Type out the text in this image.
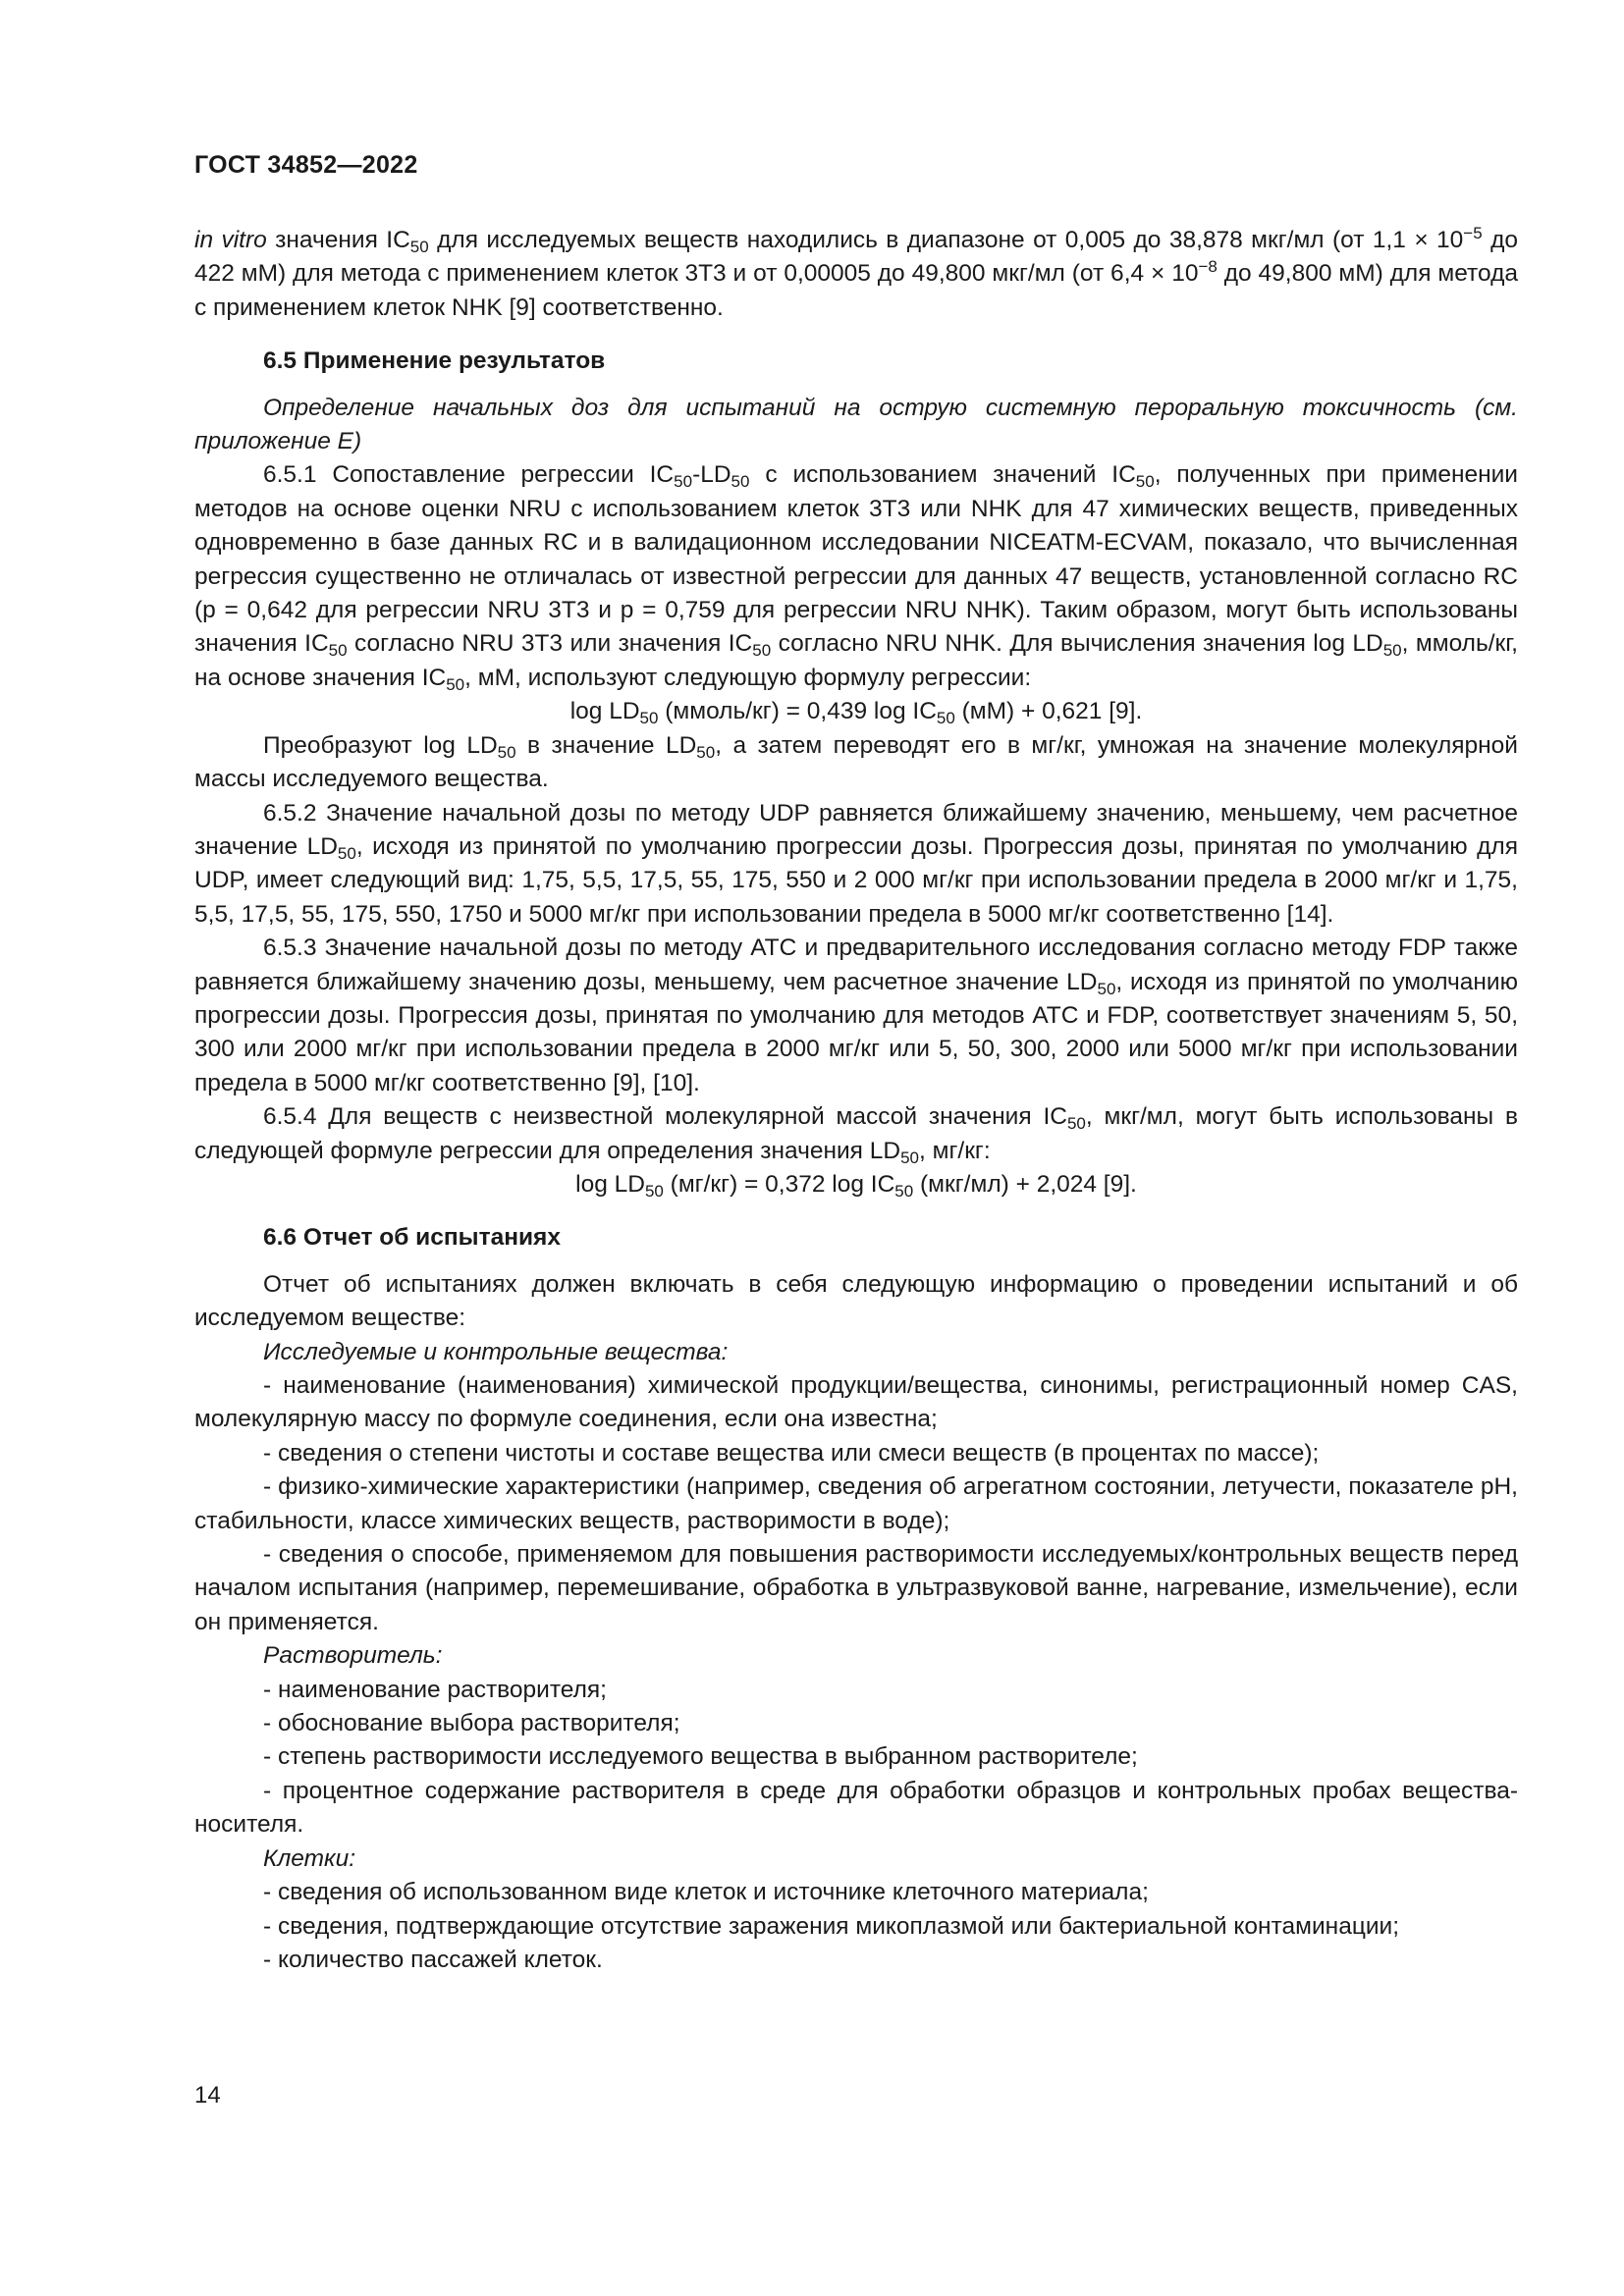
ГОСТ 34852—2022

in vitro значения $IC_{50}$ для исследуемых веществ находились в диапазоне от 0,005 до 38,878 мкг/мл (от $1,1 \times 10^{-5}$ до 422 мМ) для метода с применением клеток 3Т3 и от 0,00005 до 49,800 мкг/мл (от $6,4 \times 10^{-8}$ до 49,800 мМ) для метода с применением клеток NHK [9] соответственно.

6.5 Применение результатов

Определение начальных доз для испытаний на острую системную пероральную токсичность (см. приложение Е)

6.5.1 Сопоставление регрессии $IC_{50}-LD_{50}$ с использованием значений $IC_{50}$, полученных при применении методов на основе оценки NRU с использованием клеток 3Т3 или NHK для 47 химических веществ, приведенных одновременно в базе данных RC и в валидационном исследовании NICEATM-ECVAM, показало, что вычисленная регрессия существенно не отличалась от известной регрессии для данных 47 веществ, установленной согласно RC (р = 0,642 для регрессии NRU 3Т3 и р = 0,759 для регрессии NRU NHK). Таким образом, могут быть использованы значения $IC_{50}$ согласно NRU 3T3 или значения $IC_{50}$ согласно NRU NHK. Для вычисления значения $\log LD_{50}$, ммоль/кг, на основе значения $IC_{50}$, мМ, используют следующую формулу регрессии:

$\log LD_{50}$ (ммоль/кг) = 0,439 $\log IC_{50}$ (мМ) + 0,621 [9].

Преобразуют $\log LD_{50}$ в значение $LD_{50}$, а затем переводят его в мг/кг, умножая на значение молекулярной массы исследуемого вещества.

6.5.2 Значение начальной дозы по методу UDP равняется ближайшему значению, меньшему, чем расчетное значение $LD_{50}$, исходя из принятой по умолчанию прогрессии дозы. Прогрессия дозы, принятая по умолчанию для UDP, имеет следующий вид: 1,75, 5,5, 17,5, 55, 175, 550 и 2 000 мг/кг при использовании предела в 2000 мг/кг и 1,75, 5,5, 17,5, 55, 175, 550, 1750 и 5000 мг/кг при использовании предела в 5000 мг/кг соответственно [14].

6.5.3 Значение начальной дозы по методу АТС и предварительного исследования согласно методу FDP также равняется ближайшему значению дозы, меньшему, чем расчетное значение $LD_{50}$, исходя из принятой по умолчанию прогрессии дозы. Прогрессия дозы, принятая по умолчанию для методов АТС и FDP, соответствует значениям 5, 50, 300 или 2000 мг/кг при использовании предела в 2000 мг/кг или 5, 50, 300, 2000 или 5000 мг/кг при использовании предела в 5000 мг/кг соответственно [9], [10].

6.5.4 Для веществ с неизвестной молекулярной массой значения $IC_{50}$, мкг/мл, могут быть использованы в следующей формуле регрессии для определения значения $LD_{50}$, мг/кг:

$\log LD_{50}$ (мг/кг) = 0,372 $\log IC_{50}$ (мкг/мл) + 2,024 [9].

6.6 Отчет об испытаниях

Отчет об испытаниях должен включать в себя следующую информацию о проведении испытаний и об исследуемом веществе:

Исследуемые и контрольные вещества:

- наименование (наименования) химической продукции/вещества, синонимы, регистрационный номер CAS, молекулярную массу по формуле соединения, если она известна;

- сведения о степени чистоты и составе вещества или смеси веществ (в процентах по массе);

- физико-химические характеристики (например, сведения об агрегатном состоянии, летучести, показателе рН, стабильности, классе химических веществ, растворимости в воде);

- сведения о способе, применяемом для повышения растворимости исследуемых/контрольных веществ перед началом испытания (например, перемешивание, обработка в ультразвуковой ванне, нагревание, измельчение), если он применяется.

Растворитель:

- наименование растворителя;

- обоснование выбора растворителя;

- степень растворимости исследуемого вещества в выбранном растворителе;

- процентное содержание растворителя в среде для обработки образцов и контрольных пробах вещества-носителя.

Клетки:

- сведения об использованном виде клеток и источнике клеточного материала;

- сведения, подтверждающие отсутствие заражения микоплазмой или бактериальной контаминации;

- количество пассажей клеток.

14
